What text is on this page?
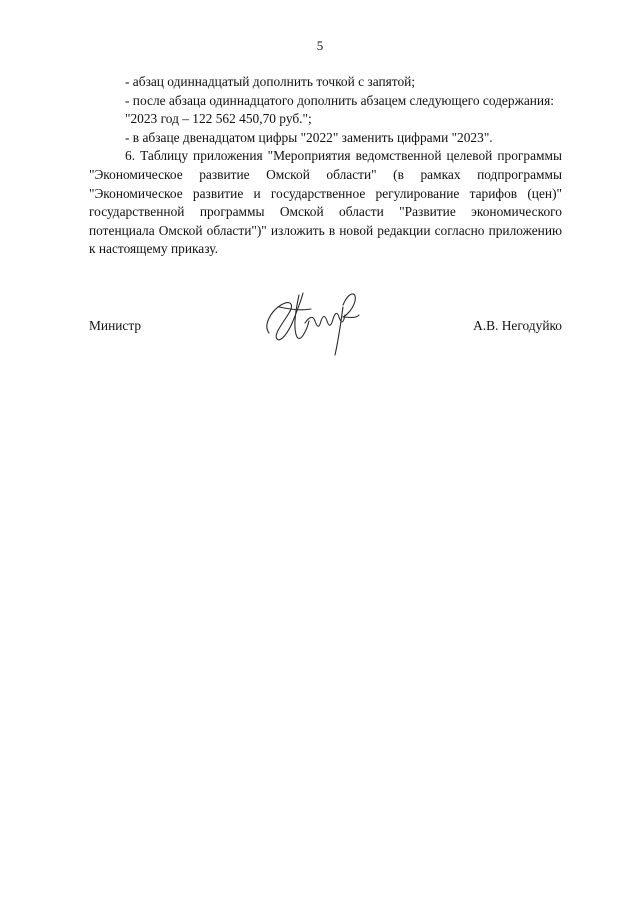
5

- абзац одиннадцатый дополнить точкой с запятой;

- после абзаца одиннадцатого дополнить абзацем следующего содержания:

"2023 год – 122 562 450,70 руб.";

- в абзаце двенадцатом цифры "2022" заменить цифрами "2023".

6. Таблицу приложения "Мероприятия ведомственной целевой программы "Экономическое развитие Омской области" (в рамках подпрограммы "Экономическое развитие и государственное регулирование тарифов (цен)" государственной программы Омской области "Развитие экономического потенциала Омской области")" изложить в новой редакции согласно приложению к настоящему приказу.

Министр	А.В. Негодуйко
